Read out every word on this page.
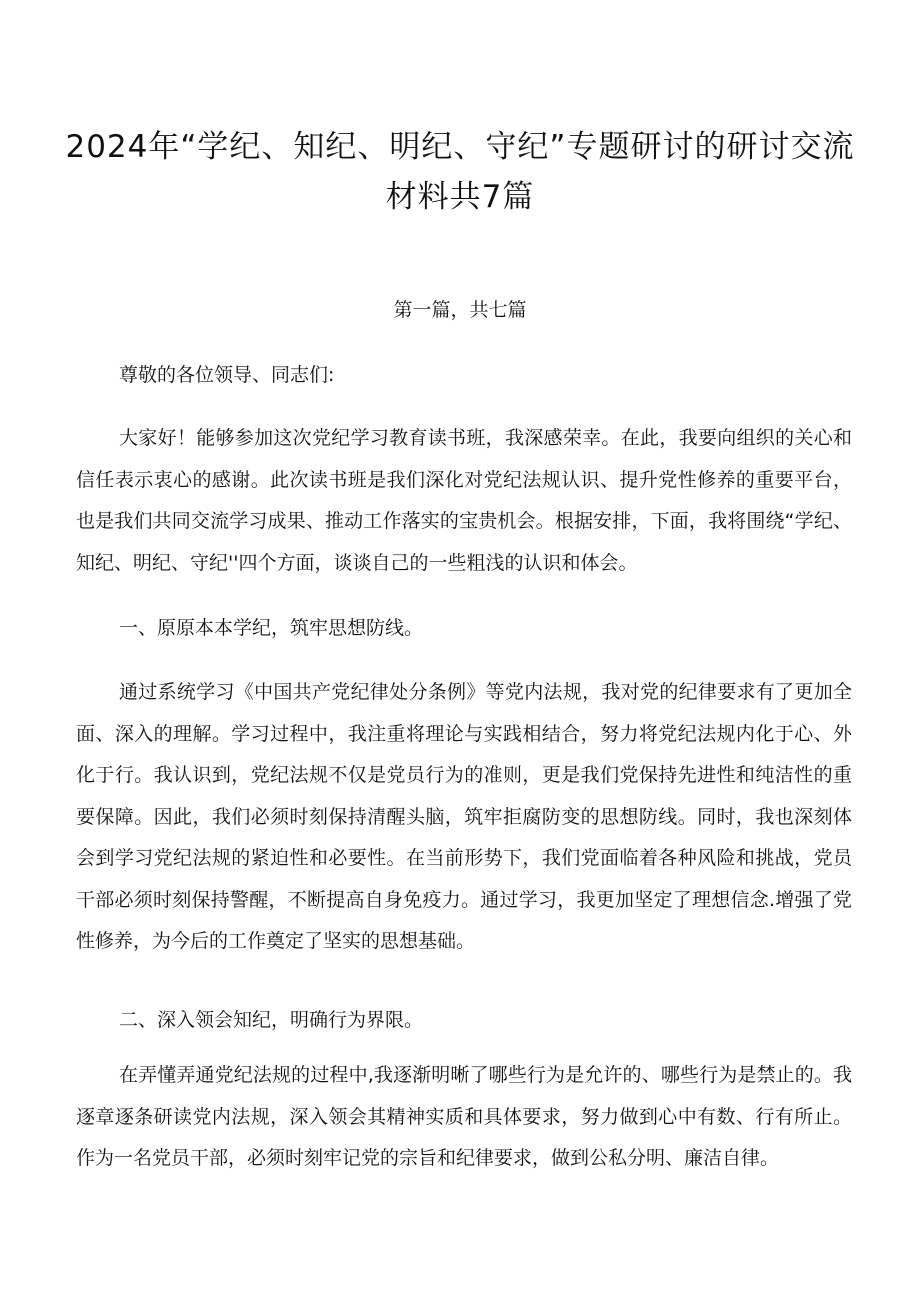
2024年“学纪、知纪、明纪、守纪”专题研讨的研讨交流材料共7篇

第一篇，共七篇

尊敬的各位领导、同志们:

大家好！能够参加这次党纪学习教育读书班，我深感荣幸。在此，我要向组织的关心和信任表示衷心的感谢。此次读书班是我们深化对党纪法规认识、提升党性修养的重要平台，也是我们共同交流学习成果、推动工作落实的宝贵机会。根据安排，下面，我将围绕“学纪、知纪、明纪、守纪''四个方面，谈谈自己的一些粗浅的认识和体会。

一、原原本本学纪，筑牢思想防线。

通过系统学习《中国共产党纪律处分条例》等党内法规，我对党的纪律要求有了更加全面、深入的理解。学习过程中，我注重将理论与实践相结合，努力将党纪法规内化于心、外化于行。我认识到，党纪法规不仅是党员行为的准则，更是我们党保持先进性和纯洁性的重要保障。因此，我们必须时刻保持清醒头脑，筑牢拒腐防变的思想防线。同时，我也深刻体会到学习党纪法规的紧迫性和必要性。在当前形势下，我们党面临着各种风险和挑战，党员干部必须时刻保持警醒，不断提高自身免疫力。通过学习，我更加坚定了理想信念.增强了党性修养，为今后的工作奠定了坚实的思想基础。

二、深入领会知纪，明确行为界限。

在弄懂弄通党纪法规的过程中,我逐渐明晰了哪些行为是允许的、哪些行为是禁止的。我逐章逐条研读党内法规，深入领会其精神实质和具体要求，努力做到心中有数、行有所止。作为一名党员干部，必须时刻牢记党的宗旨和纪律要求，做到公私分明、廉洁自律。
